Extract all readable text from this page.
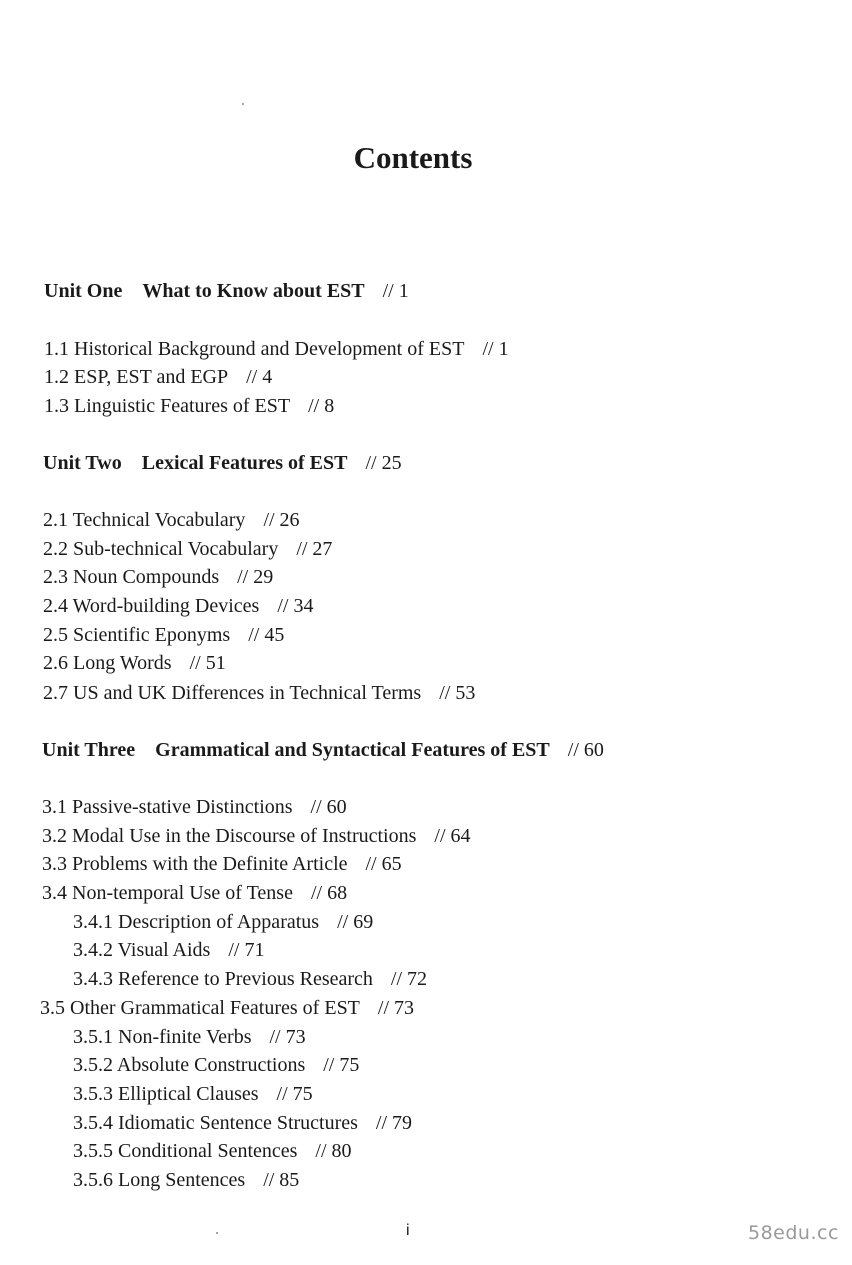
Contents
Unit One What to Know about EST // 1
1.1 Historical Background and Development of EST // 1
1.2 ESP, EST and EGP // 4
1.3 Linguistic Features of EST // 8
Unit Two Lexical Features of EST // 25
2.1 Technical Vocabulary // 26
2.2 Sub-technical Vocabulary // 27
2.3 Noun Compounds // 29
2.4 Word-building Devices // 34
2.5 Scientific Eponyms // 45
2.6 Long Words // 51
2.7 US and UK Differences in Technical Terms // 53
Unit Three Grammatical and Syntactical Features of EST // 60
3.1 Passive-stative Distinctions // 60
3.2 Modal Use in the Discourse of Instructions // 64
3.3 Problems with the Definite Article // 65
3.4 Non-temporal Use of Tense // 68
3.4.1 Description of Apparatus // 69
3.4.2 Visual Aids // 71
3.4.3 Reference to Previous Research // 72
3.5 Other Grammatical Features of EST // 73
3.5.1 Non-finite Verbs // 73
3.5.2 Absolute Constructions // 75
3.5.3 Elliptical Clauses // 75
3.5.4 Idiomatic Sentence Structures // 79
3.5.5 Conditional Sentences // 80
3.5.6 Long Sentences // 85
i	58edu.cc
